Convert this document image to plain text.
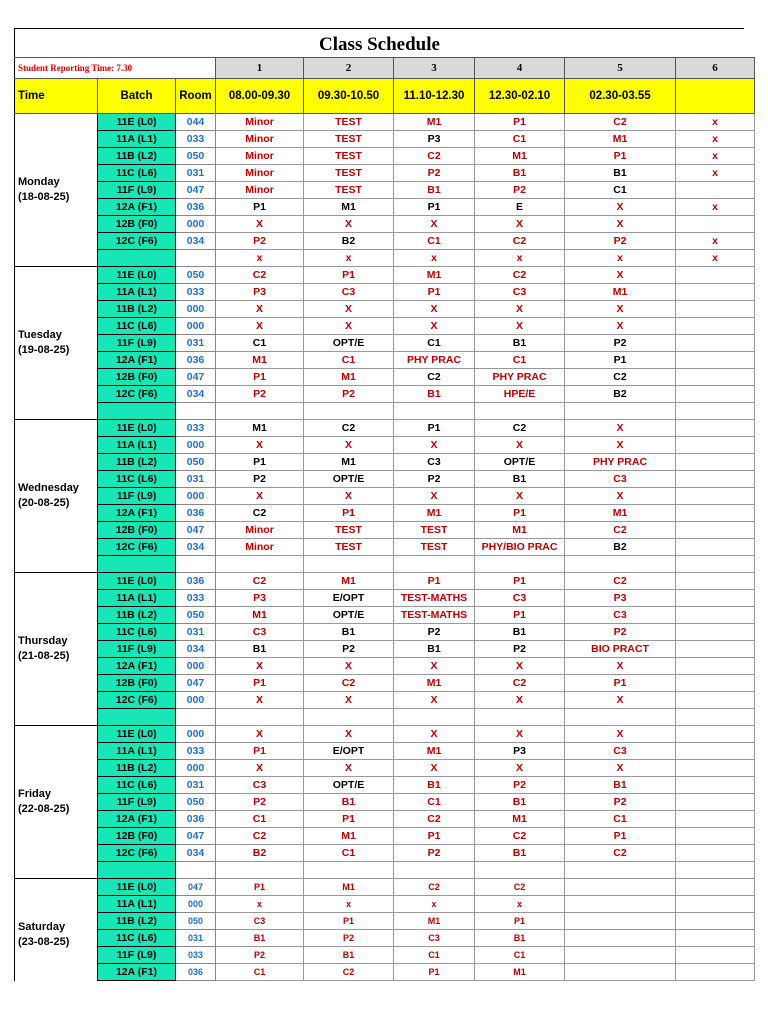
Class Schedule
Student Reporting Time: 7.30			1	2	3	4	5	6
Time	Batch	Room	08.00-09.30	09.30-10.50	11.10-12.30	12.30-02.10	02.30-03.55	

Monday
(18-08-25)	11E (L0)	044	Minor	TEST	M1	P1	C2	x
	11A (L1)	033	Minor	TEST	P3	C1	M1	x
	11B (L2)	050	Minor	TEST	C2	M1	P1	x
	11C (L6)	031	Minor	TEST	P2	B1	B1	x
	11F (L9)	047	Minor	TEST	B1	P2	C1	
	12A (F1)	036	P1	M1	P1	E	X	x
	12B (F0)	000	X	X	X	X	X	
	12C (F6)	034	P2	B2	C1	C2	P2	x
			x	x	x	x	x	x

Tuesday
(19-08-25)	11E (L0)	050	C2	P1	M1	C2	X	
	11A (L1)	033	P3	C3	P1	C3	M1	
	11B (L2)	000	X	X	X	X	X	
	11C (L6)	000	X	X	X	X	X	
	11F (L9)	031	C1	OPT/E	C1	B1	P2	
	12A (F1)	036	M1	C1	PHY PRAC	C1	P1	
	12B (F0)	047	P1	M1	C2	PHY PRAC	C2	
	12C (F6)	034	P2	P2	B1	HPE/E	B2	

Wednesday
(20-08-25)	11E (L0)	033	M1	C2	P1	C2	X	
	11A (L1)	000	X	X	X	X	X	
	11B (L2)	050	P1	M1	C3	OPT/E	PHY PRAC	
	11C (L6)	031	P2	OPT/E	P2	B1	C3	
	11F (L9)	000	X	X	X	X	X	
	12A (F1)	036	C2	P1	M1	P1	M1	
	12B (F0)	047	Minor	TEST	TEST	M1	C2	
	12C (F6)	034	Minor	TEST	TEST	PHY/BIO PRAC	B2	

Thursday
(21-08-25)	11E (L0)	036	C2	M1	P1	P1	C2	
	11A (L1)	033	P3	E/OPT	TEST-MATHS	C3	P3	
	11B (L2)	050	M1	OPT/E	TEST-MATHS	P1	C3	
	11C (L6)	031	C3	B1	P2	B1	P2	
	11F (L9)	034	B1	P2	B1	P2	BIO PRACT	
	12A (F1)	000	X	X	X	X	X	
	12B (F0)	047	P1	C2	M1	C2	P1	
	12C (F6)	000	X	X	X	X	X	

Friday
(22-08-25)	11E (L0)	000	X	X	X	X	X	
	11A (L1)	033	P1	E/OPT	M1	P3	C3	
	11B (L2)	000	X	X	X	X	X	
	11C (L6)	031	C3	OPT/E	B1	P2	B1	
	11F (L9)	050	P2	B1	C1	B1	P2	
	12A (F1)	036	C1	P1	C2	M1	C1	
	12B (F0)	047	C2	M1	P1	C2	P1	
	12C (F6)	034	B2	C1	P2	B1	C2	

Saturday
(23-08-25)	11E (L0)	047	P1	M1	C2	C2		
	11A (L1)	000	x	x	x	x		
	11B (L2)	050	C3	P1	M1	P1		
	11C (L6)	031	B1	P2	C3	B1		
	11F (L9)	033	P2	B1	C1	C1		
	12A (F1)	036	C1	C2	P1	M1		
